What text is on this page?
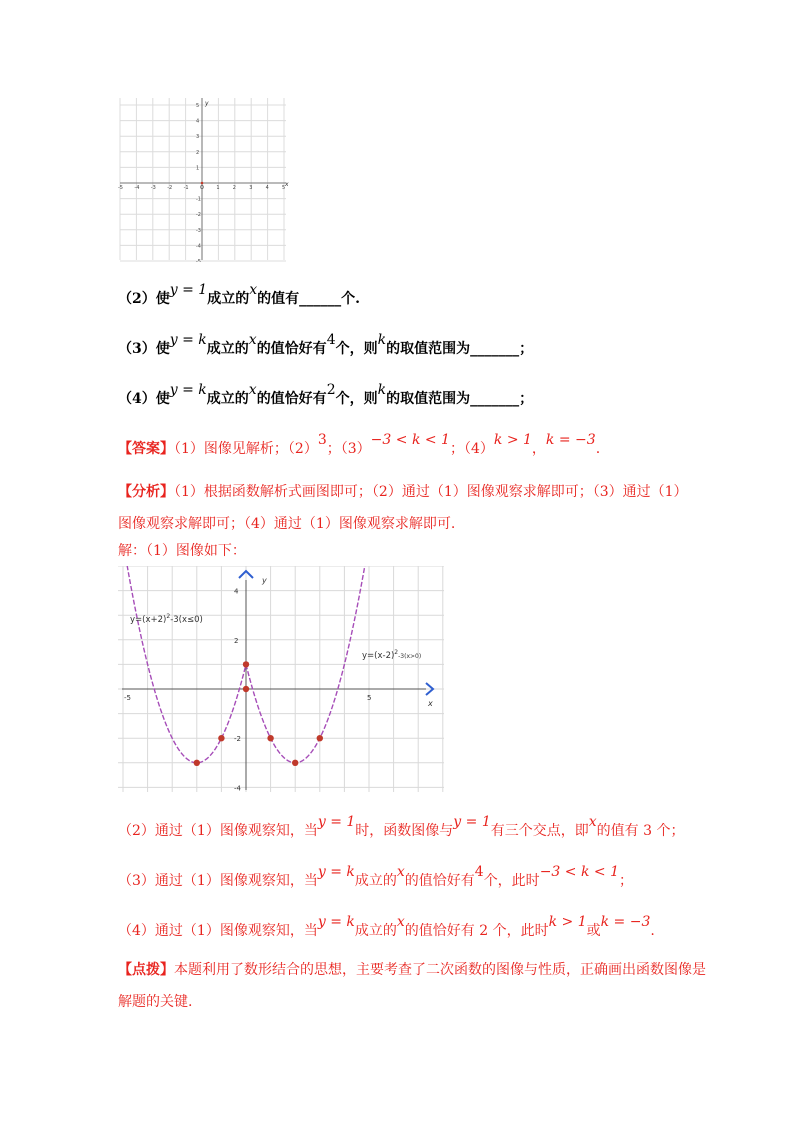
-5 -4 -3 -2 -1 O 1	2	3	4	5
5
4
3
2
1
-1
-2
-3
-4
-5
x
y
（2）使y = 1成立的x的值有______个.
（3）使y = k成立的x的值恰好有4个，则k的取值范围为_______；
（4）使y = k成立的x的值恰好有2个，则k的取值范围为_______；
【答案】（1）图像见解析；（2）3；（3）−3 < k < 1；（4）k > 1，k = −3.
【分析】（1）根据函数解析式画图即可；（2）通过（1）图像观察求解即可；（3）通过（1）
图像观察求解即可；（4）通过（1）图像观察求解即可.
解：（1）图像如下：
x
y
-5	5
4
2
-2
-4
$y=(x+2)^2-3(x\le 0)$
$y=(x-2)^2_{-3(x>0)}$
（2）通过（1）图像观察知，当y = 1时，函数图像与y = 1有三个交点，即x的值有 3 个；
（3）通过（1）图像观察知，当y = k成立的x的值恰好有4个，此时−3 < k < 1；
（4）通过（1）图像观察知，当y = k成立的x的值恰好有 2 个，此时k > 1或k = −3.
【点拨】本题利用了数形结合的思想，主要考查了二次函数的图像与性质，正确画出函数图像是
解题的关键.
